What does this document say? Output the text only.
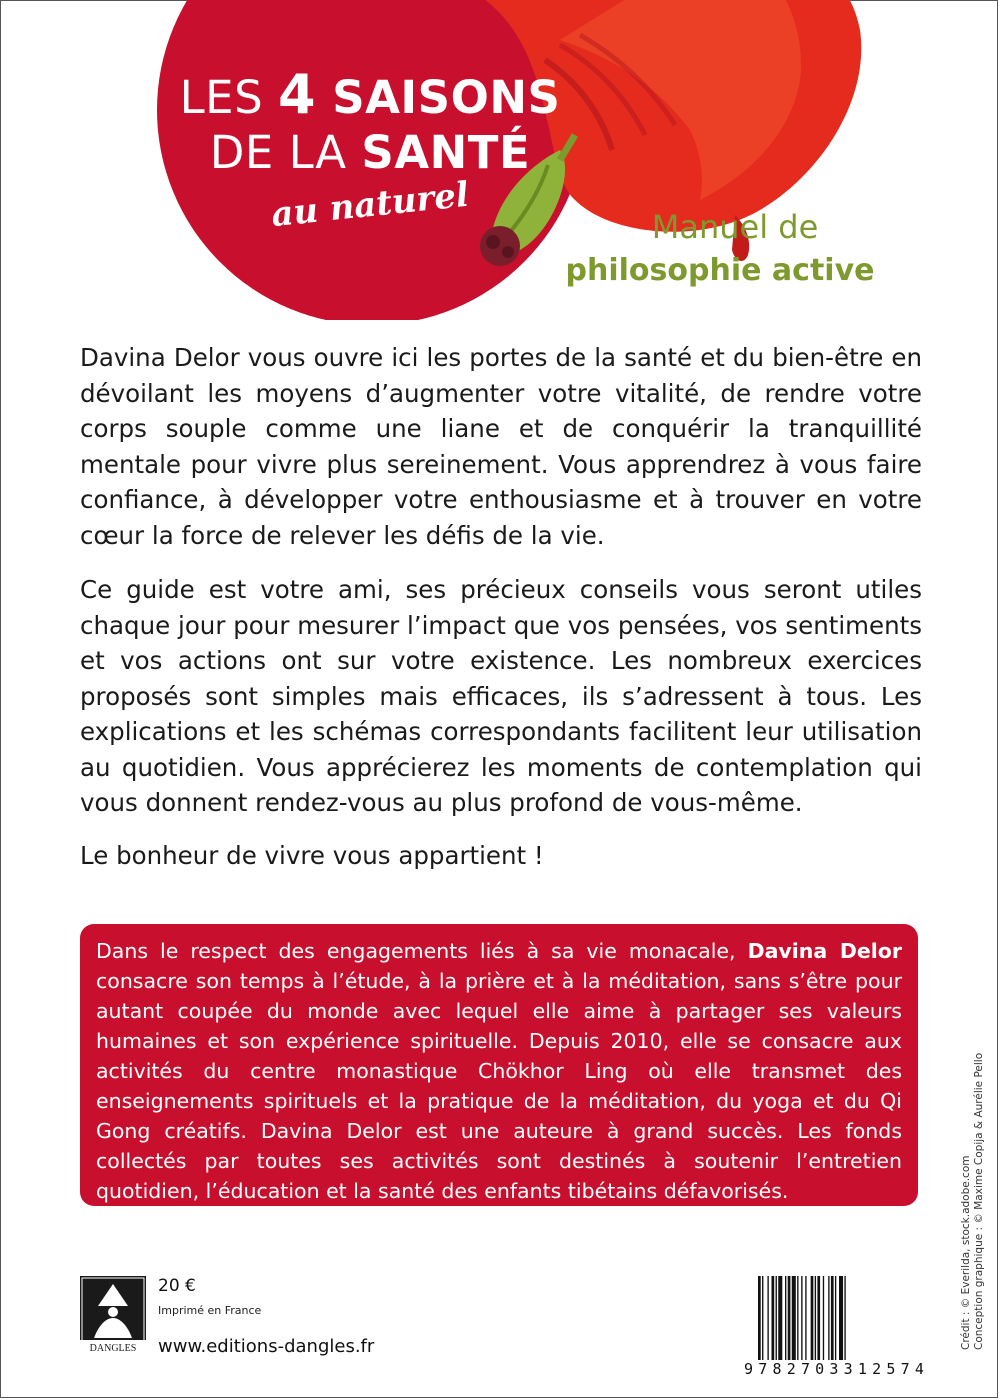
LES 4 SAISONS
DE LA SANTÉ
au naturel	Manuel de
philosophie active

Davina Delor vous ouvre ici les portes de la santé et du bien-être en dévoilant les moyens d’augmenter votre vitalité, de rendre votre corps souple comme une liane et de conquérir la tranquillité mentale pour vivre plus sereinement. Vous apprendrez à vous faire confiance, à développer votre enthousiasme et à trouver en votre cœur la force de relever les défis de la vie.

Ce guide est votre ami, ses précieux conseils vous seront utiles chaque jour pour mesurer l’impact que vos pensées, vos sentiments et vos actions ont sur votre existence. Les nombreux exercices proposés sont simples mais efficaces, ils s’adressent à tous. Les explications et les schémas correspondants facilitent leur utilisation au quotidien. Vous apprécierez les moments de contemplation qui vous donnent rendez-vous au plus profond de vous-même.

Le bonheur de vivre vous appartient !

Dans le respect des engagements liés à sa vie monacale, Davina Delor consacre son temps à l’étude, à la prière et à la méditation, sans s’être pour autant coupée du monde avec lequel elle aime à partager ses valeurs humaines et son expérience spirituelle. Depuis 2010, elle se consacre aux activités du centre monastique Chökhor Ling où elle transmet des enseignements spirituels et la pratique de la méditation, du yoga et du Qi Gong créatifs. Davina Delor est une auteure à grand succès. Les fonds collectés par toutes ses activités sont destinés à soutenir l’entretien quotidien, l’éducation et la santé des enfants tibétains défavorisés.

DANGLES
20 €
Imprimé en France
www.editions-dangles.fr
9 7 8 2 7 0 3 3 1 2 5 7 4
Crédit : © Everilda, stock.adobe.com Conception graphique : © Maxime Copija & Aurélie Pello
